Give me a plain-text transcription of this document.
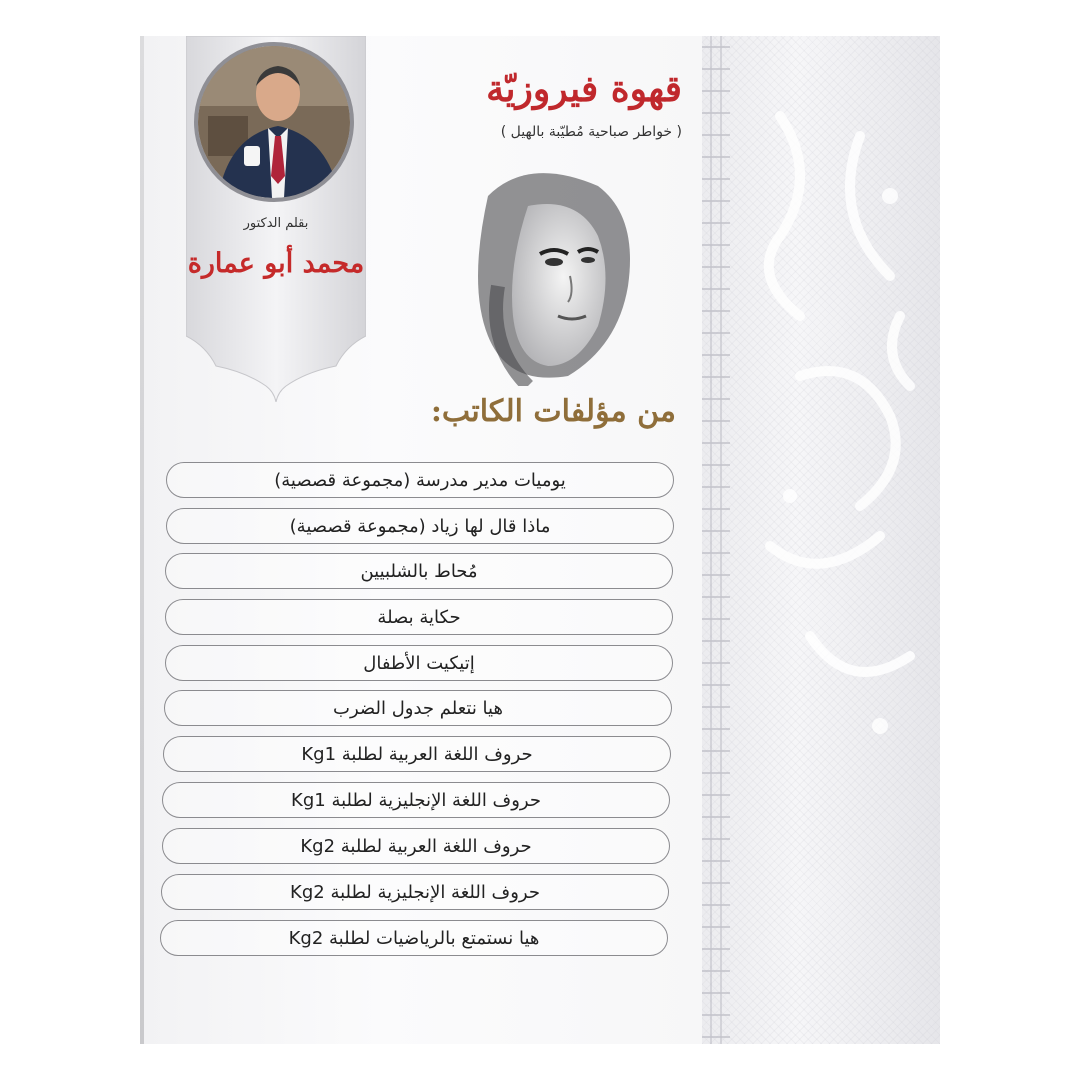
بقلم الدكتور
محمد أبو عمارة
قهوة فيروزيّة
( خواطر صباحية مُطيّبة بالهيل )
من مؤلفات الكاتب:
يوميات مدير مدرسة (مجموعة قصصية)
ماذا قال لها زياد (مجموعة قصصية)
مُحاط بالشلبيين
حكاية بصلة
إتيكيت الأطفال
هيا نتعلم جدول الضرب
حروف اللغة العربية لطلبة Kg1
حروف اللغة الإنجليزية لطلبة Kg1
حروف اللغة العربية لطلبة Kg2
حروف اللغة الإنجليزية لطلبة Kg2
هيا نستمتع بالرياضيات لطلبة Kg2
